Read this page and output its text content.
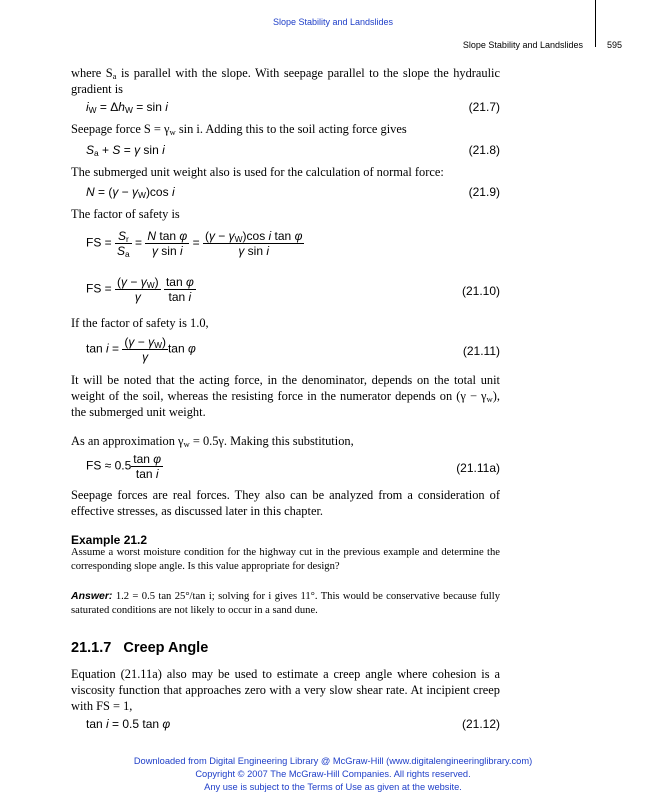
Slope Stability and Landslides
Slope Stability and Landslides	595
where $S_a$ is parallel with the slope. With seepage parallel to the slope the hydraulic gradient is
$i_W = \Delta h_W = \sin i$	(21.7)
Seepage force $S = \gamma_w$ sin i. Adding this to the soil acting force gives
$S_a + S = \gamma$ sin i	(21.8)
The submerged unit weight also is used for the calculation of normal force:
$N = (\gamma - \gamma_W)\cos$ i	(21.9)
The factor of safety is
FS = $\frac{S_r}{S_a} = \frac{\text{N tan φ}}{\text{γ sin i}} = \frac{(\gamma - \gamma_W)\cos i \tan \varphi}{\text{γ sin i}}$
FS = $\frac{(\gamma - \gamma_W)}{\gamma}$
$\frac{\text{tan φ}}{\text{tan i}}$	(21.10)
If the factor of safety is 1.0,
$\tan i = \frac{(\gamma - \gamma_W)}{\gamma}$ tan φ	(21.11)
It will be noted that the acting force, in the denominator, depends on the total unit weight of the soil, whereas the resisting force in the numerator depends on $(\gamma - \gamma_w)$, the submerged unit weight.
As an approximation $\gamma_w = 0.5\gamma$. Making this substitution,
FS ≈ $0.5 \frac{\text{tan φ}}{\text{tan i}}$	(21.11a)
Seepage forces are real forces. They also can be analyzed from a consideration of effective stresses, as discussed later in this chapter.
Example 21.2
Assume a worst moisture condition for the highway cut in the previous example and determine the corresponding slope angle. Is this value appropriate for design?
Answer: 1.2 = 0.5 tan 25°/tan i; solving for i gives 11°. This would be conservative because fully saturated conditions are not likely to occur in a sand dune.
21.1.7   Creep Angle
Equation (21.11a) also may be used to estimate a creep angle where cohesion is a viscosity function that approaches zero with a very slow shear rate. At incipient creep with FS = 1,
tan i = 0.5 tan φ	(21.12)
Downloaded from Digital Engineering Library @ McGraw-Hill (www.digitalengineeringlibrary.com)
Copyright © 2007 The McGraw-Hill Companies. All rights reserved.
Any use is subject to the Terms of Use as given at the website.
